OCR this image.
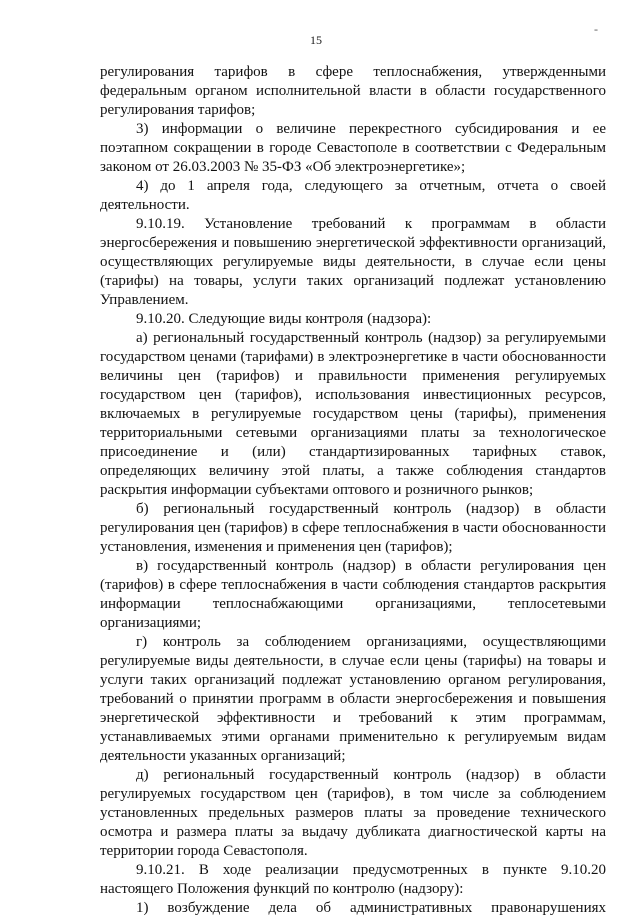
-
15

регулирования тарифов в сфере теплоснабжения, утвержденными федеральным органом исполнительной власти в области государственного регулирования тарифов;

3) информации о величине перекрестного субсидирования и ее поэтапном сокращении в городе Севастополе в соответствии с Федеральным законом от 26.03.2003 № 35-ФЗ «Об электроэнергетике»;

4) до 1 апреля года, следующего за отчетным, отчета о своей деятельности.

9.10.19. Установление требований к программам в области энергосбережения и повышению энергетической эффективности организаций, осуществляющих регулируемые виды деятельности, в случае если цены (тарифы) на товары, услуги таких организаций подлежат установлению Управлением.

9.10.20. Следующие виды контроля (надзора):

а) региональный государственный контроль (надзор) за регулируемыми государством ценами (тарифами) в электроэнергетике в части обоснованности величины цен (тарифов) и правильности применения регулируемых государством цен (тарифов), использования инвестиционных ресурсов, включаемых в регулируемые государством цены (тарифы), применения территориальными сетевыми организациями платы за технологическое присоединение и (или) стандартизированных тарифных ставок, определяющих величину этой платы, а также соблюдения стандартов раскрытия информации субъектами оптового и розничного рынков;

б) региональный государственный контроль (надзор) в области регулирования цен (тарифов) в сфере теплоснабжения в части обоснованности установления, изменения и применения цен (тарифов);

в) государственный контроль (надзор) в области регулирования цен (тарифов) в сфере теплоснабжения в части соблюдения стандартов раскрытия информации теплоснабжающими организациями, теплосетевыми организациями;

г) контроль за соблюдением организациями, осуществляющими регулируемые виды деятельности, в случае если цены (тарифы) на товары и услуги таких организаций подлежат установлению органом регулирования, требований о принятии программ в области энергосбережения и повышения энергетической эффективности и требований к этим программам, устанавливаемых этими органами применительно к регулируемым видам деятельности указанных организаций;

д) региональный государственный контроль (надзор) в области регулируемых государством цен (тарифов), в том числе за соблюдением установленных предельных размеров платы за проведение технического осмотра и размера платы за выдачу дубликата диагностической карты на территории города Севастополя.

9.10.21. В ходе реализации предусмотренных в пункте 9.10.20 настоящего Положения функций по контролю (надзору):

1) возбуждение дела об административных правонарушениях
